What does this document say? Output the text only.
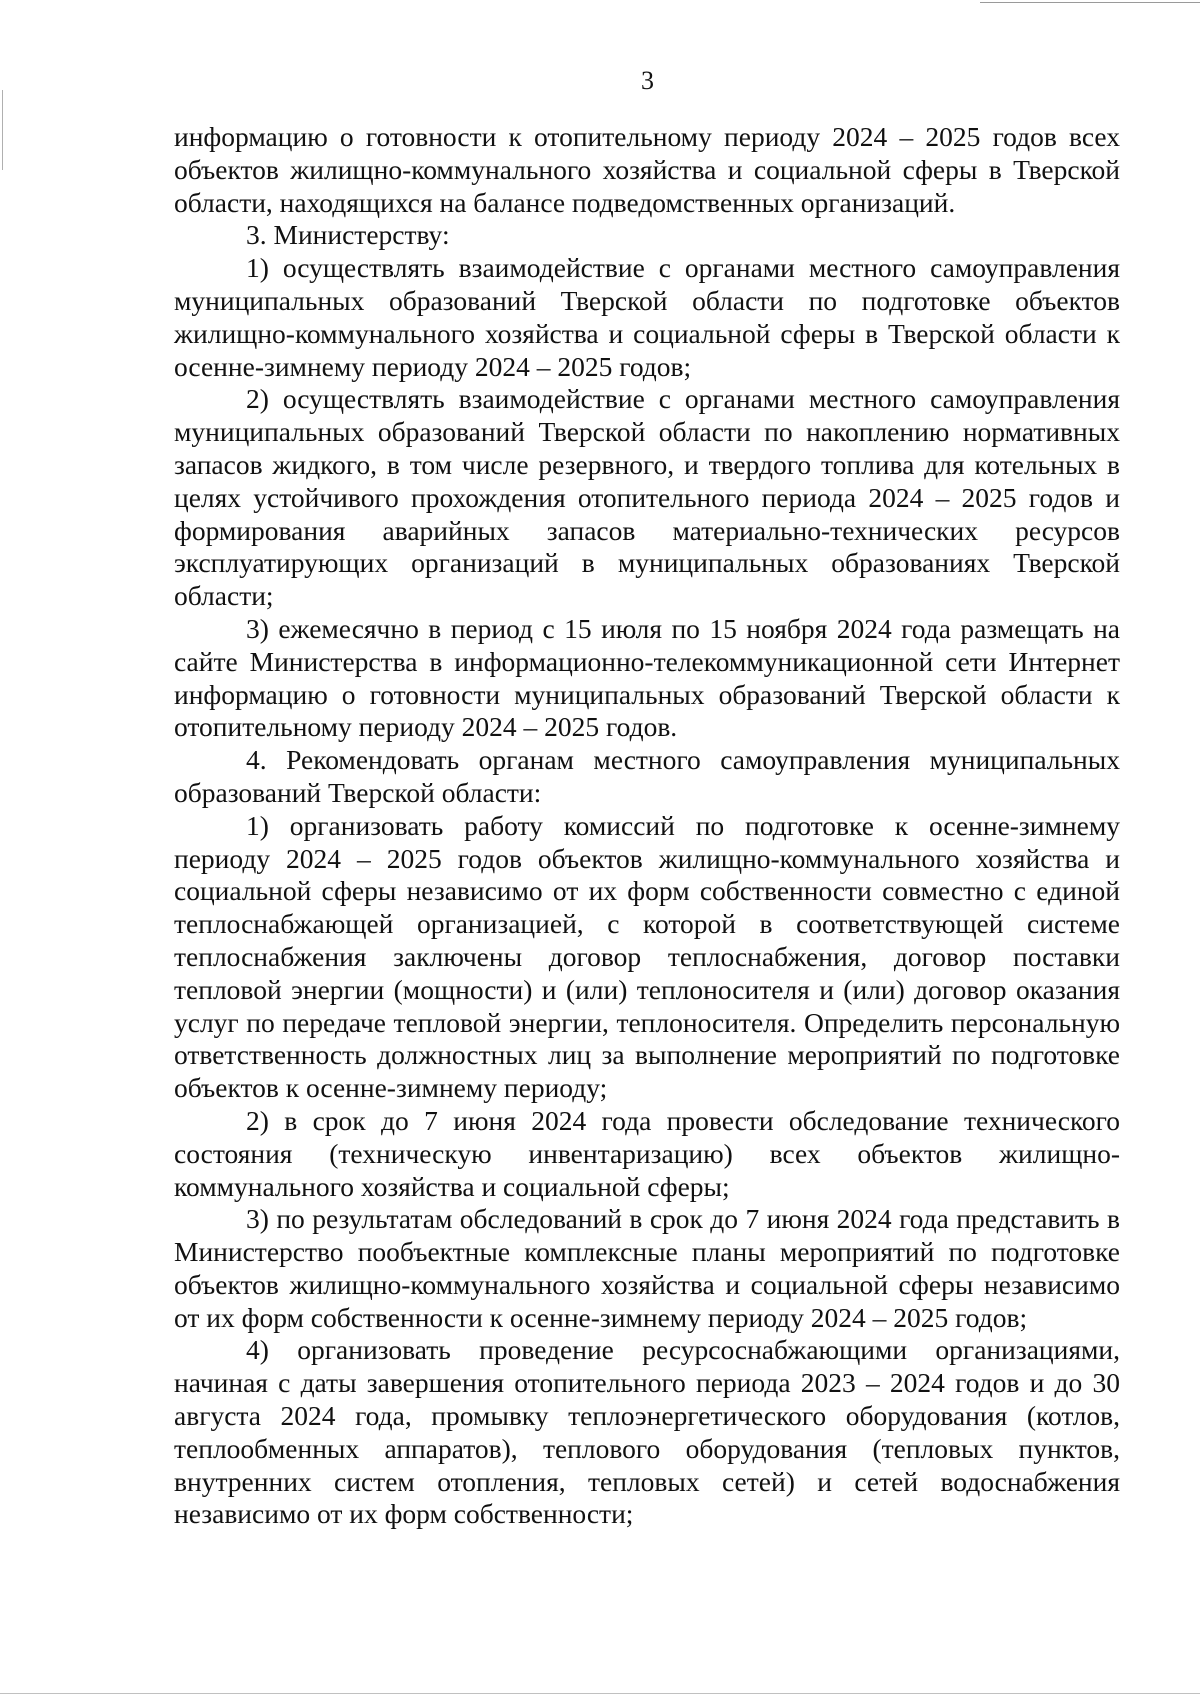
3

информацию о готовности к отопительному периоду 2024 – 2025 годов всех объектов жилищно-коммунального хозяйства и социальной сферы в Тверской области, находящихся на балансе подведомственных организаций.

3. Министерству:

1) осуществлять взаимодействие с органами местного самоуправления муниципальных образований Тверской области по подготовке объектов жилищно-коммунального хозяйства и социальной сферы в Тверской области к осенне-зимнему периоду 2024 – 2025 годов;

2) осуществлять взаимодействие с органами местного самоуправления муниципальных образований Тверской области по накоплению нормативных запасов жидкого, в том числе резервного, и твердого топлива для котельных в целях устойчивого прохождения отопительного периода 2024 – 2025 годов и формирования аварийных запасов материально-технических ресурсов эксплуатирующих организаций в муниципальных образованиях Тверской области;

3) ежемесячно в период с 15 июля по 15 ноября 2024 года размещать на сайте Министерства в информационно-телекоммуникационной сети Интернет информацию о готовности муниципальных образований Тверской области к отопительному периоду 2024 – 2025 годов.

4. Рекомендовать органам местного самоуправления муниципальных образований Тверской области:

1) организовать работу комиссий по подготовке к осенне-зимнему периоду 2024 – 2025 годов объектов жилищно-коммунального хозяйства и социальной сферы независимо от их форм собственности совместно с единой теплоснабжающей организацией, с которой в соответствующей системе теплоснабжения заключены договор теплоснабжения, договор поставки тепловой энергии (мощности) и (или) теплоносителя и (или) договор оказания услуг по передаче тепловой энергии, теплоносителя. Определить персональную ответственность должностных лиц за выполнение мероприятий по подготовке объектов к осенне-зимнему периоду;

2) в срок до 7 июня 2024 года провести обследование технического состояния (техническую инвентаризацию) всех объектов жилищно-коммунального хозяйства и социальной сферы;

3) по результатам обследований в срок до 7 июня 2024 года представить в Министерство пообъектные комплексные планы мероприятий по подготовке объектов жилищно-коммунального хозяйства и социальной сферы независимо от их форм собственности к осенне-зимнему периоду 2024 – 2025 годов;

4) организовать проведение ресурсоснабжающими организациями, начиная с даты завершения отопительного периода 2023 – 2024 годов и до 30 августа 2024 года, промывку теплоэнергетического оборудования (котлов, теплообменных аппаратов), теплового оборудования (тепловых пунктов, внутренних систем отопления, тепловых сетей) и сетей водоснабжения независимо от их форм собственности;
